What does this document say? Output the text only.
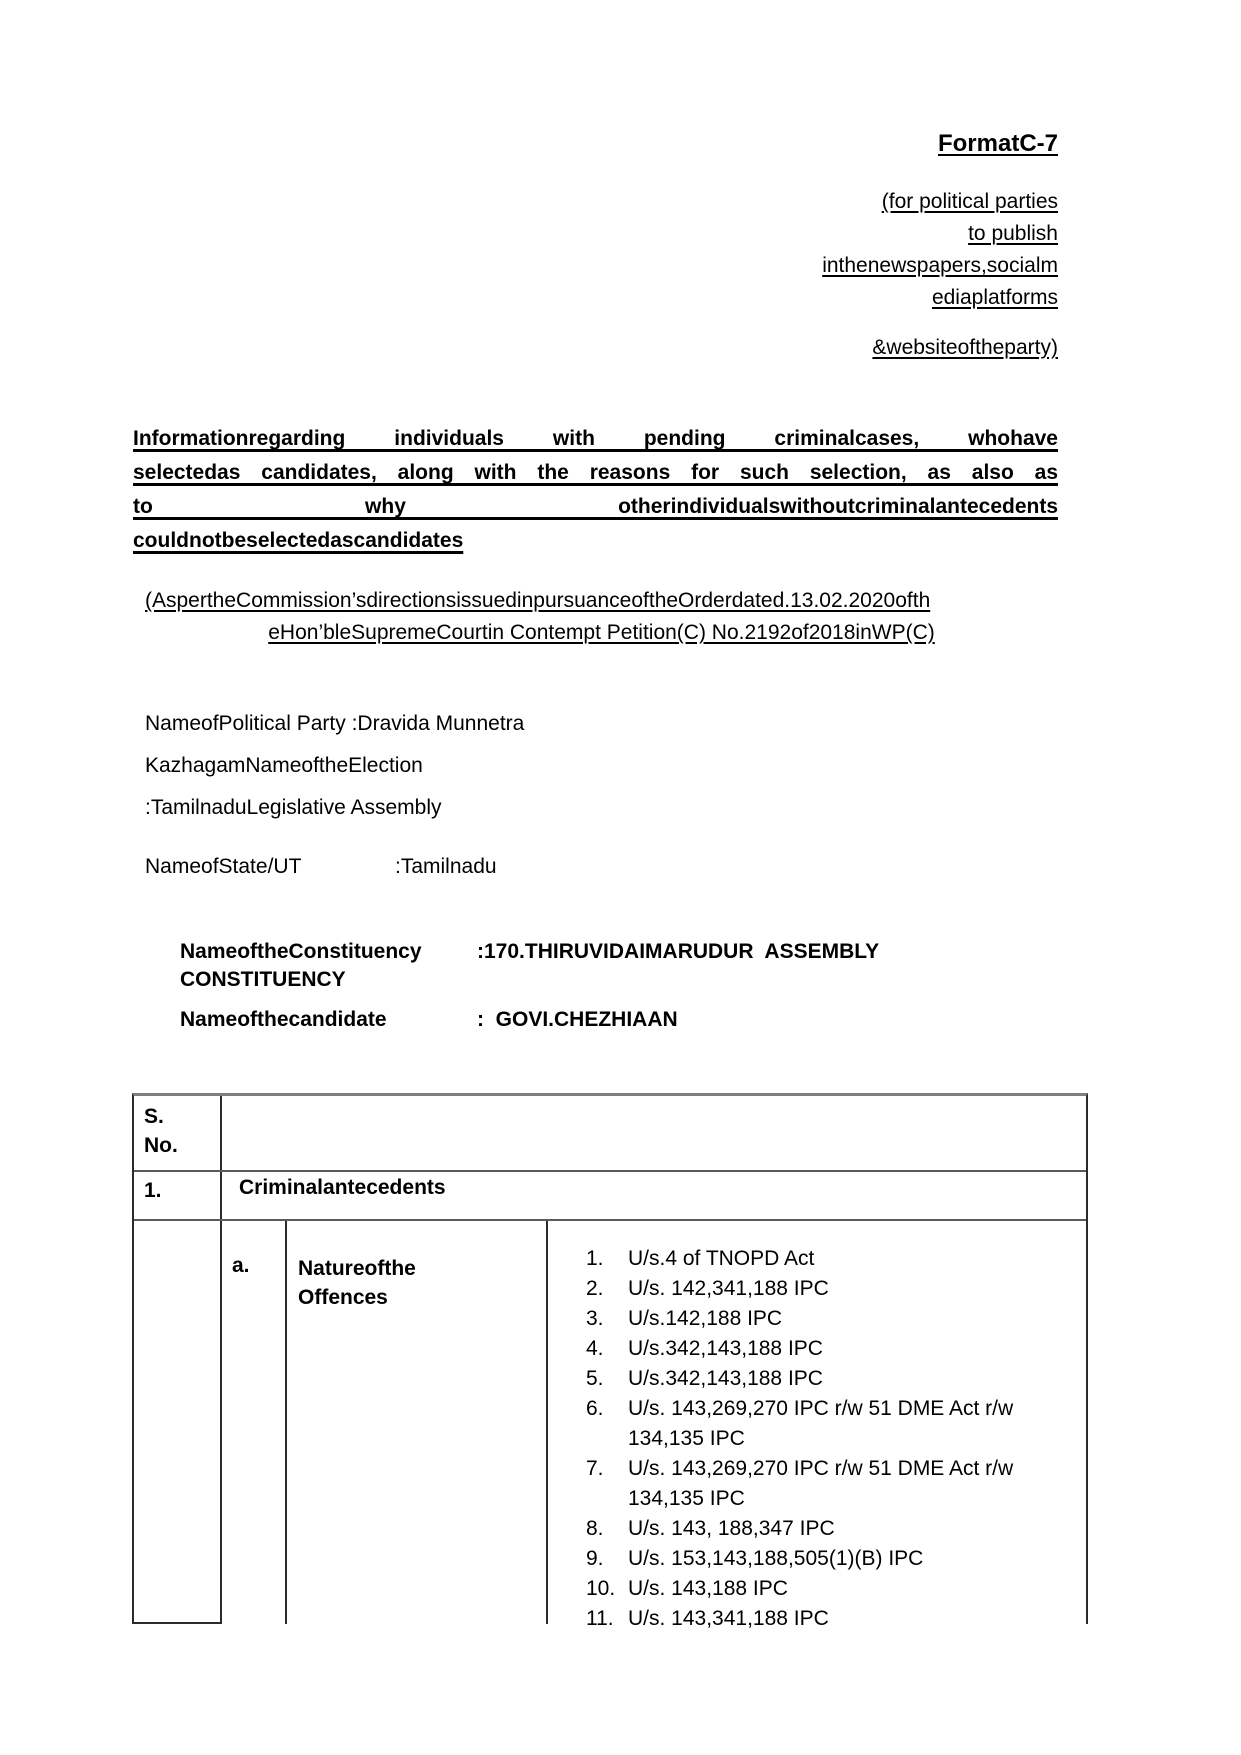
FormatC-7
(for political parties
to publish
inthenewspapers,socialm
ediaplatforms
&websiteoftheparty)
Informationregarding individuals with pending criminalcases, whohave
selectedas candidates, along with the reasons for such selection, as also as
to why otherindividualswithoutcriminalantecedents
couldnotbeselectedascandidates
(AspertheCommission’sdirectionsissuedinpursuanceoftheOrderdated.13.02.2020ofth
eHon’bleSupremeCourtin Contempt Petition(C) No.2192of2018inWP(C)
NameofPolitical Party :Dravida Munnetra
KazhagamNameoftheElection
:TamilnaduLegislative Assembly
NameofState/UT	:Tamilnadu
NameoftheConstituency	:170.THIRUVIDAIMARUDUR  ASSEMBLY
CONSTITUENCY
Nameofthecandidate	:  GOVI.CHEZHIAAN
S.
No.
1.	Criminalantecedents
a.	Natureofthe
Offences
1.	U/s.4 of TNOPD Act
2.	U/s. 142,341,188 IPC
3.	U/s.142,188 IPC
4.	U/s.342,143,188 IPC
5.	U/s.342,143,188 IPC
6.	U/s. 143,269,270 IPC r/w 51 DME Act r/w 134,135 IPC
7.	U/s. 143,269,270 IPC r/w 51 DME Act r/w 134,135 IPC
8.	U/s. 143, 188,347 IPC
9.	U/s. 153,143,188,505(1)(B) IPC
10. U/s. 143,188 IPC
11. U/s. 143,341,188 IPC
